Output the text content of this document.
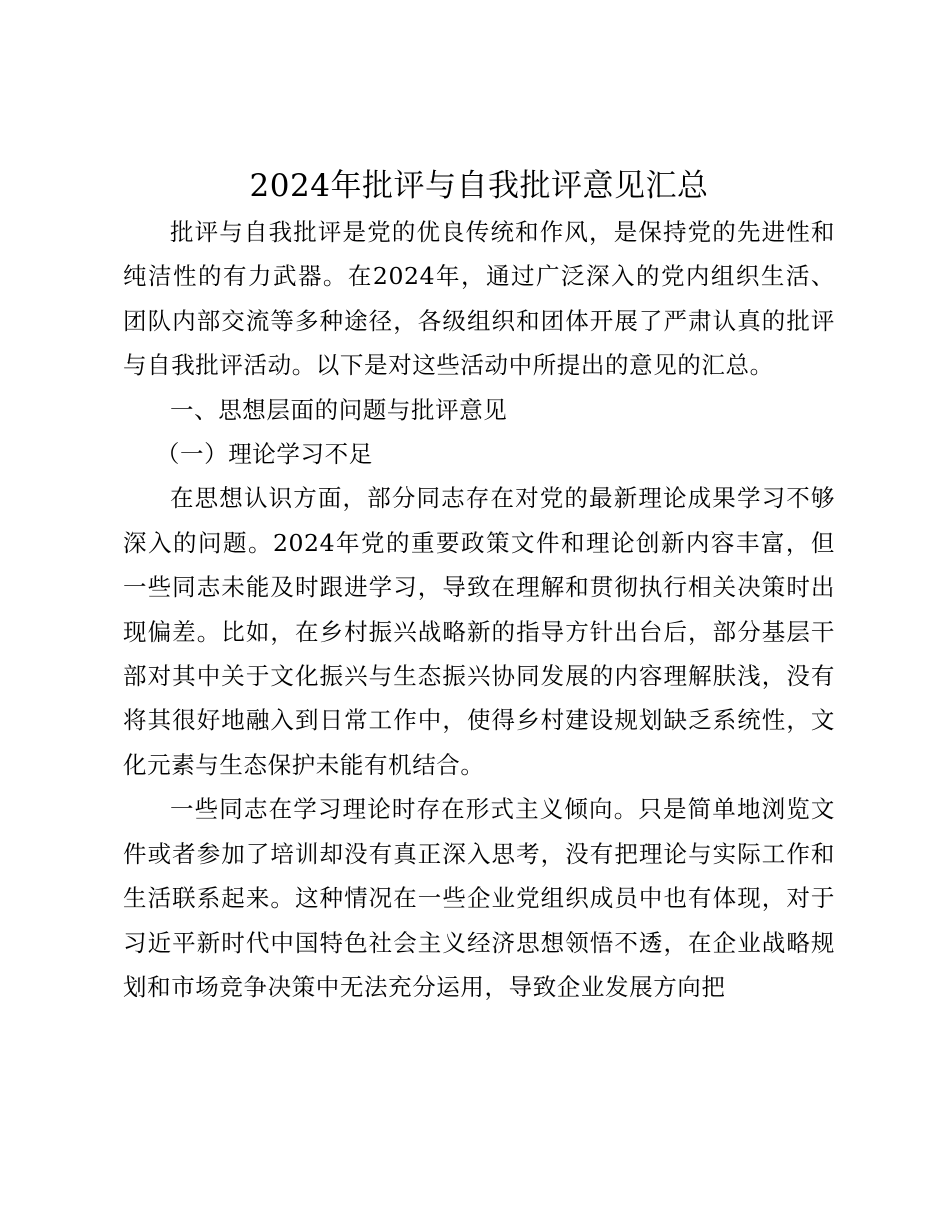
2024年批评与自我批评意见汇总

批评与自我批评是党的优良传统和作风，是保持党的先进性和纯洁性的有力武器。在2024年，通过广泛深入的党内组织生活、团队内部交流等多种途径，各级组织和团体开展了严肃认真的批评与自我批评活动。以下是对这些活动中所提出的意见的汇总。

一、思想层面的问题与批评意见

（一）理论学习不足

在思想认识方面，部分同志存在对党的最新理论成果学习不够深入的问题。2024年党的重要政策文件和理论创新内容丰富，但一些同志未能及时跟进学习，导致在理解和贯彻执行相关决策时出现偏差。比如，在乡村振兴战略新的指导方针出台后，部分基层干部对其中关于文化振兴与生态振兴协同发展的内容理解肤浅，没有将其很好地融入到日常工作中，使得乡村建设规划缺乏系统性，文化元素与生态保护未能有机结合。

一些同志在学习理论时存在形式主义倾向。只是简单地浏览文件或者参加了培训却没有真正深入思考，没有把理论与实际工作和生活联系起来。这种情况在一些企业党组织成员中也有体现，对于习近平新时代中国特色社会主义经济思想领悟不透，在企业战略规划和市场竞争决策中无法充分运用，导致企业发展方向把
